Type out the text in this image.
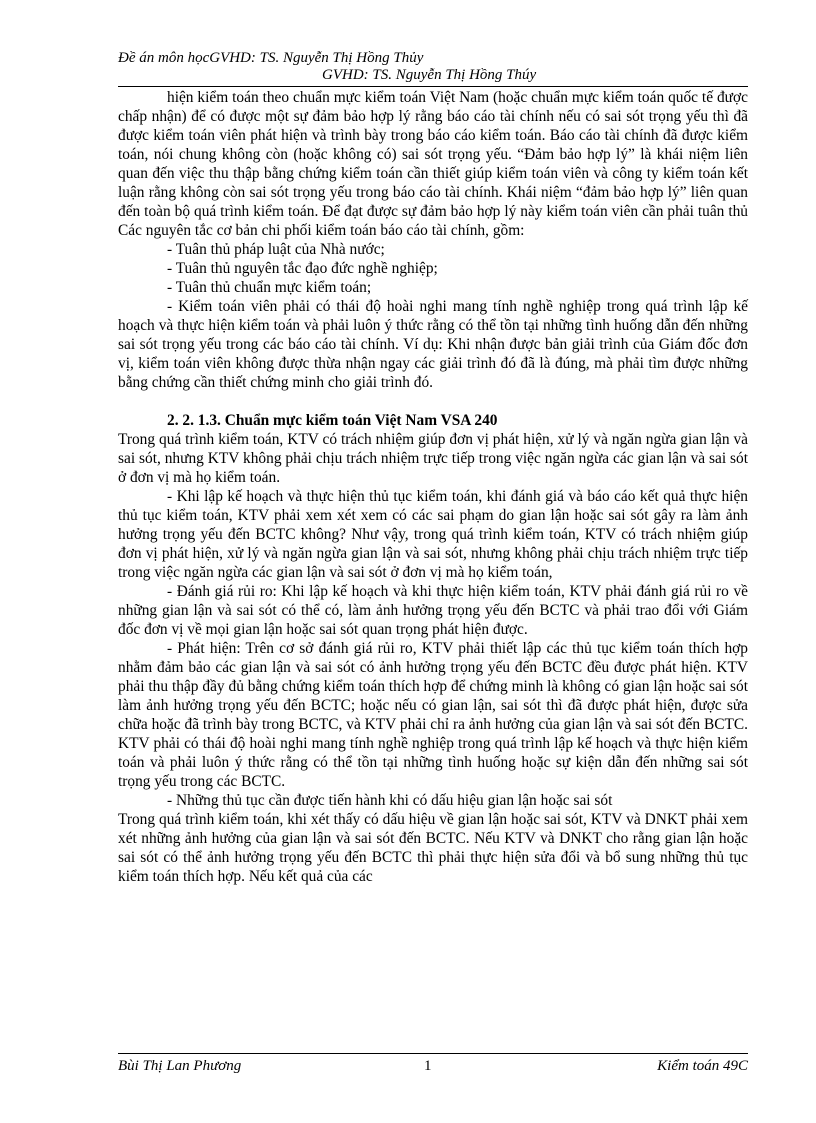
Đề án môn họcGVHD: TS. Nguyễn Thị Hồng Thủy
GVHD: TS. Nguyễn Thị Hồng Thúy

hiện kiểm toán theo chuẩn mực kiểm toán Việt Nam (hoặc chuẩn mực kiểm toán quốc tế được chấp nhận) để có được một sự đảm bảo hợp lý rằng báo cáo tài chính nếu có sai sót trọng yếu thì đã được kiểm toán viên phát hiện và trình bày trong báo cáo kiểm toán. Báo cáo tài chính đã được kiểm toán, nói chung không còn (hoặc không có) sai sót trọng yếu. “Đảm bảo hợp lý” là khái niệm liên quan đến việc thu thập bằng chứng kiểm toán cần thiết giúp kiểm toán viên và công ty kiểm toán kết luận rằng không còn sai sót trọng yếu trong báo cáo tài chính. Khái niệm “đảm bảo hợp lý” liên quan đến toàn bộ quá trình kiểm toán. Để đạt được sự đảm bảo hợp lý này kiểm toán viên cần phải tuân thủ Các nguyên tắc cơ bản chi phối kiểm toán báo cáo tài chính, gồm:

- Tuân thủ pháp luật của Nhà nước;

- Tuân thủ nguyên tắc đạo đức nghề nghiệp;

- Tuân thủ chuẩn mực kiểm toán;

- Kiểm toán viên phải có thái độ hoài nghi mang tính nghề nghiệp trong quá trình lập kế hoạch và thực hiện kiểm toán và phải luôn ý thức rằng có thể tồn tại những tình huống dẫn đến những sai sót trọng yếu trong các báo cáo tài chính. Ví dụ: Khi nhận được bản giải trình của Giám đốc đơn vị, kiểm toán viên không được thừa nhận ngay các giải trình đó đã là đúng, mà phải tìm được những bằng chứng cần thiết chứng minh cho giải trình đó.

2. 2. 1.3. Chuẩn mực kiểm toán Việt Nam VSA 240

Trong quá trình kiểm toán, KTV có trách nhiệm giúp đơn vị phát hiện, xử lý và ngăn ngừa gian lận và sai sót, nhưng KTV không phải chịu trách nhiệm trực tiếp trong việc ngăn ngừa các gian lận và sai sót ở đơn vị mà họ kiểm toán.

- Khi lập kế hoạch và thực hiện thủ tục kiểm toán, khi đánh giá và báo cáo kết quả thực hiện thủ tục kiểm toán, KTV phải xem xét xem có các sai phạm do gian lận hoặc sai sót gây ra làm ảnh hưởng trọng yếu đến BCTC không? Như vậy, trong quá trình kiểm toán, KTV có trách nhiệm giúp đơn vị phát hiện, xử lý và ngăn ngừa gian lận và sai sót, nhưng không phải chịu trách nhiệm trực tiếp trong việc ngăn ngừa các gian lận và sai sót ở đơn vị mà họ kiểm toán,

- Đánh giá rủi ro: Khi lập kế hoạch và khi thực hiện kiểm toán, KTV phải đánh giá rủi ro về những gian lận và sai sót có thể có, làm ảnh hưởng trọng yếu đến BCTC và phải trao đổi với Giám đốc đơn vị về mọi gian lận hoặc sai sót quan trọng phát hiện được.

- Phát hiện: Trên cơ sở đánh giá rủi ro, KTV phải thiết lập các thủ tục kiểm toán thích hợp nhằm đảm bảo các gian lận và sai sót có ảnh hưởng trọng yếu đến BCTC đều được phát hiện. KTV phải thu thập đầy đủ bằng chứng kiểm toán thích hợp để chứng minh là không có gian lận hoặc sai sót làm ảnh hưởng trọng yếu đến BCTC; hoặc nếu có gian lận, sai sót thì đã được phát hiện, được sửa chữa hoặc đã trình bày trong BCTC, và KTV phải chỉ ra ảnh hưởng của gian lận và sai sót đến BCTC. KTV phải có thái độ hoài nghi mang tính nghề nghiệp trong quá trình lập kế hoạch và thực hiện kiểm toán và phải luôn ý thức rằng có thể tồn tại những tình huống hoặc sự kiện dẫn đến những sai sót trọng yếu trong các BCTC.

- Những thủ tục cần được tiến hành khi có dấu hiệu gian lận hoặc sai sót

Trong quá trình kiểm toán, khi xét thấy có dấu hiệu về gian lận hoặc sai sót, KTV và DNKT phải xem xét những ảnh hưởng của gian lận và sai sót đến BCTC. Nếu KTV và DNKT cho rằng gian lận hoặc sai sót có thể ảnh hưởng trọng yếu đến BCTC thì phải thực hiện sửa đổi và bổ sung những thủ tục kiểm toán thích hợp. Nếu kết quả của các

Bùi Thị Lan Phương	1	Kiểm toán 49C
